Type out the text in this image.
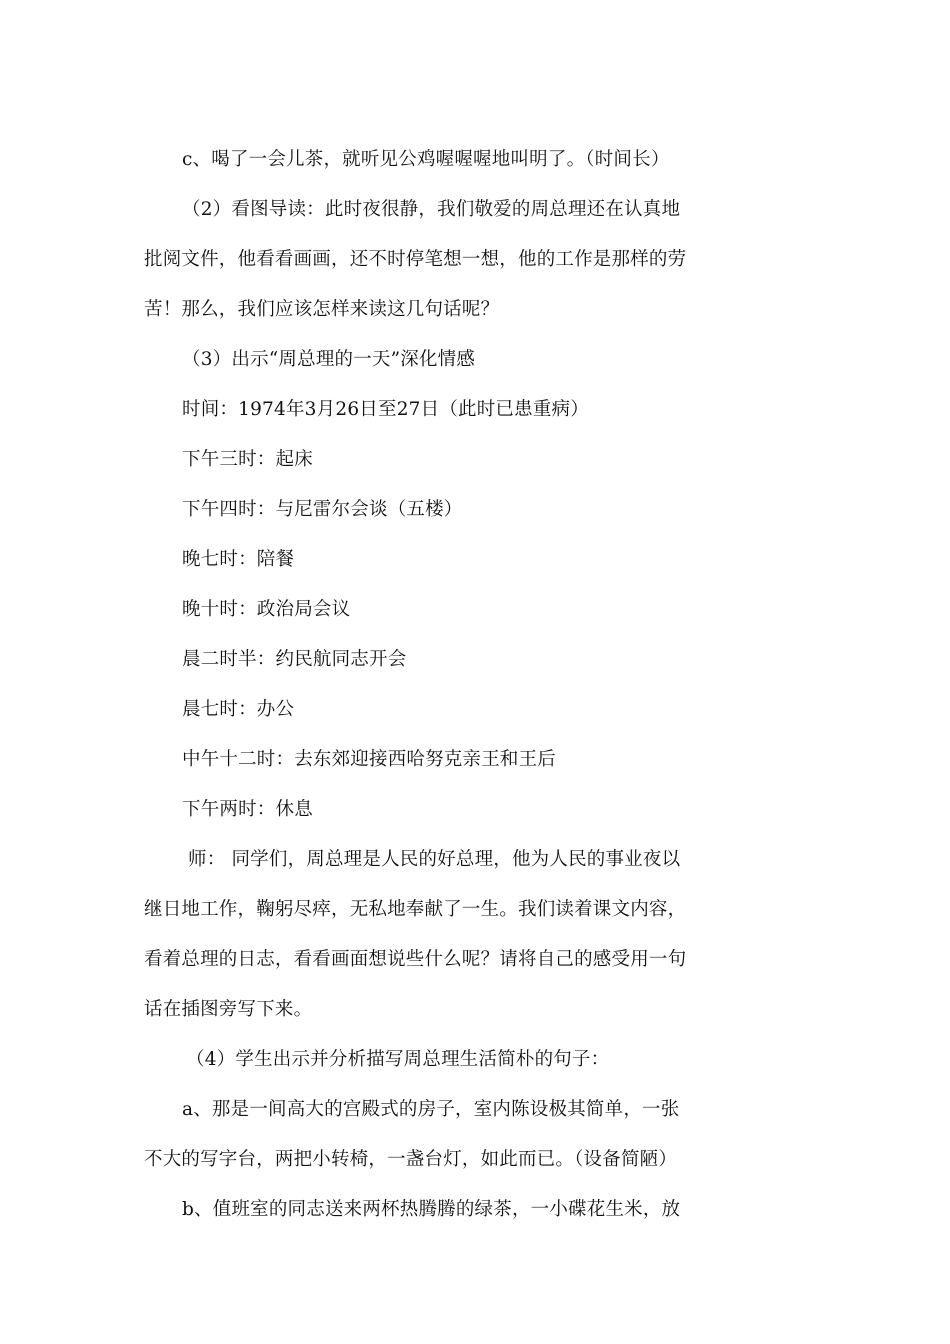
c、喝了一会儿茶，就听见公鸡喔喔喔地叫明了。（时间长）
（2）看图导读：此时夜很静，我们敬爱的周总理还在认真地
批阅文件，他看看画画，还不时停笔想一想，他的工作是那样的劳
苦！那么，我们应该怎样来读这几句话呢？
（3）出示“周总理的一天”深化情感
时间：1974年3月26日至27日（此时已患重病）
下午三时：起床
下午四时：与尼雷尔会谈（五楼）
晚七时：陪餐
晚十时：政治局会议
晨二时半：约民航同志开会
晨七时：办公
中午十二时：去东郊迎接西哈努克亲王和王后
下午两时：休息
师： 同学们，周总理是人民的好总理，他为人民的事业夜以
继日地工作，鞠躬尽瘁，无私地奉献了一生。我们读着课文内容，
看着总理的日志，看看画面想说些什么呢？请将自己的感受用一句
话在插图旁写下来。
（4）学生出示并分析描写周总理生活简朴的句子：
a、那是一间高大的宫殿式的房子，室内陈设极其简单，一张
不大的写字台，两把小转椅，一盏台灯，如此而已。（设备简陋）
b、值班室的同志送来两杯热腾腾的绿茶，一小碟花生米，放
